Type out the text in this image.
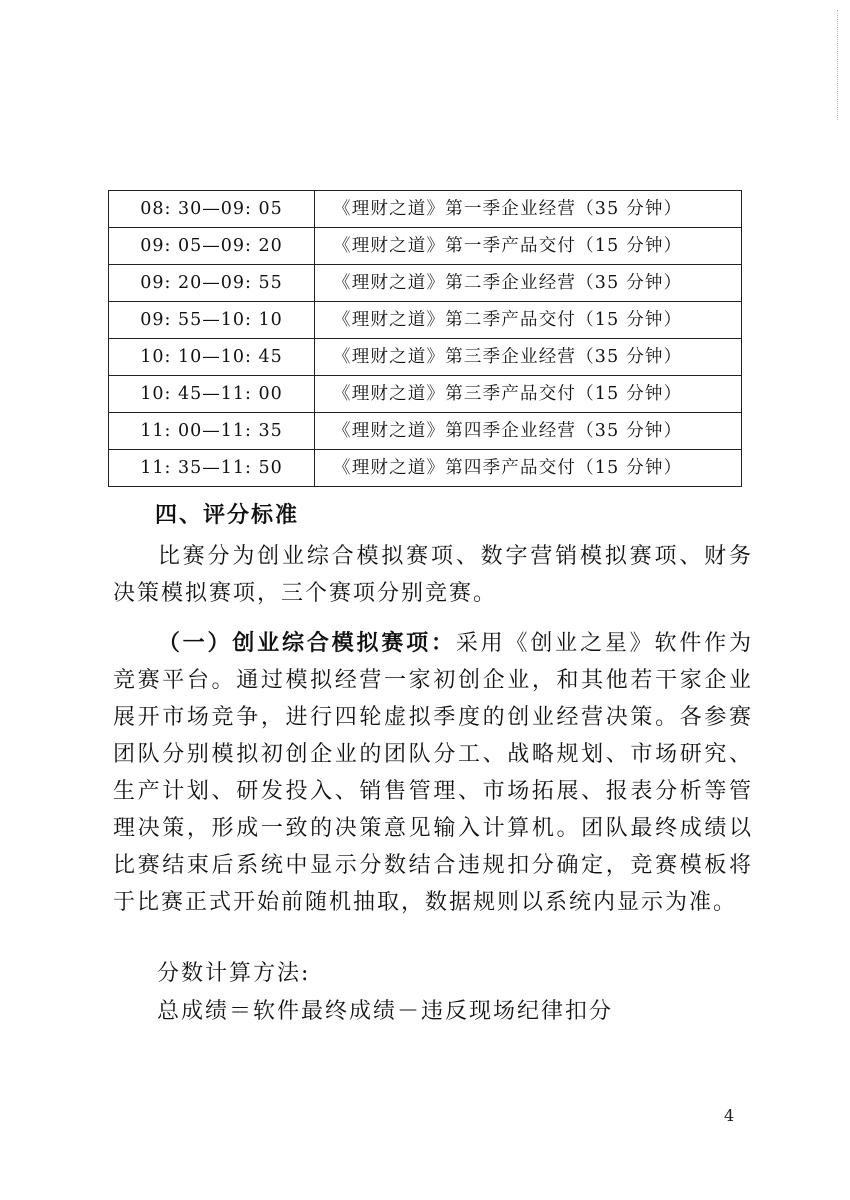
08: 30—09: 05	《理财之道》第一季企业经营（35 分钟）
09: 05—09: 20	《理财之道》第一季产品交付（15 分钟）
09: 20—09: 55	《理财之道》第二季企业经营（35 分钟）
09: 55—10: 10	《理财之道》第二季产品交付（15 分钟）
10: 10—10: 45	《理财之道》第三季企业经营（35 分钟）
10: 45—11: 00	《理财之道》第三季产品交付（15 分钟）
11: 00—11: 35	《理财之道》第四季企业经营（35 分钟）
11: 35—11: 50	《理财之道》第四季产品交付（15 分钟）
四、评分标准
比赛分为创业综合模拟赛项、数字营销模拟赛项、财务决策模拟赛项，三个赛项分别竞赛。
（一）创业综合模拟赛项：采用《创业之星》软件作为竞赛平台。通过模拟经营一家初创企业，和其他若干家企业展开市场竞争，进行四轮虚拟季度的创业经营决策。各参赛团队分别模拟初创企业的团队分工、战略规划、市场研究、生产计划、研发投入、销售管理、市场拓展、报表分析等管理决策，形成一致的决策意见输入计算机。团队最终成绩以比赛结束后系统中显示分数结合违规扣分确定，竞赛模板将于比赛正式开始前随机抽取，数据规则以系统内显示为准。
分数计算方法:
总成绩＝软件最终成绩－违反现场纪律扣分
4
